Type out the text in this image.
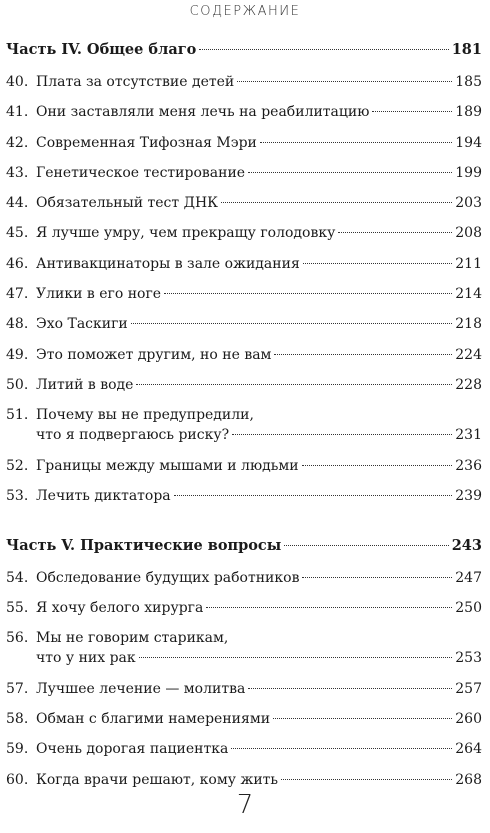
СОДЕРЖАНИЕ
Часть IV. Общее благо	181
40. Плата за отсутствие детей	185
41. Они заставляли меня лечь на реабилитацию	189
42. Современная Тифозная Мэри	194
43. Генетическое тестирование	199
44. Обязательный тест ДНК	203
45. Я лучше умру, чем прекращу голодовку	208
46. Антивакцинаторы в зале ожидания	211
47. Улики в его ноге	214
48. Эхо Таскиги	218
49. Это поможет другим, но не вам	224
50. Литий в воде	228
51. Почему вы не предупредили,
что я подвергаюсь риску?	231
52. Границы между мышами и людьми	236
53. Лечить диктатора	239
Часть V. Практические вопросы	243
54. Обследование будущих работников	247
55. Я хочу белого хирурга	250
56. Мы не говорим старикам,
что у них рак	253
57. Лучшее лечение — молитва	257
58. Обман с благими намерениями	260
59. Очень дорогая пациентка	264
60. Когда врачи решают, кому жить	268
7
